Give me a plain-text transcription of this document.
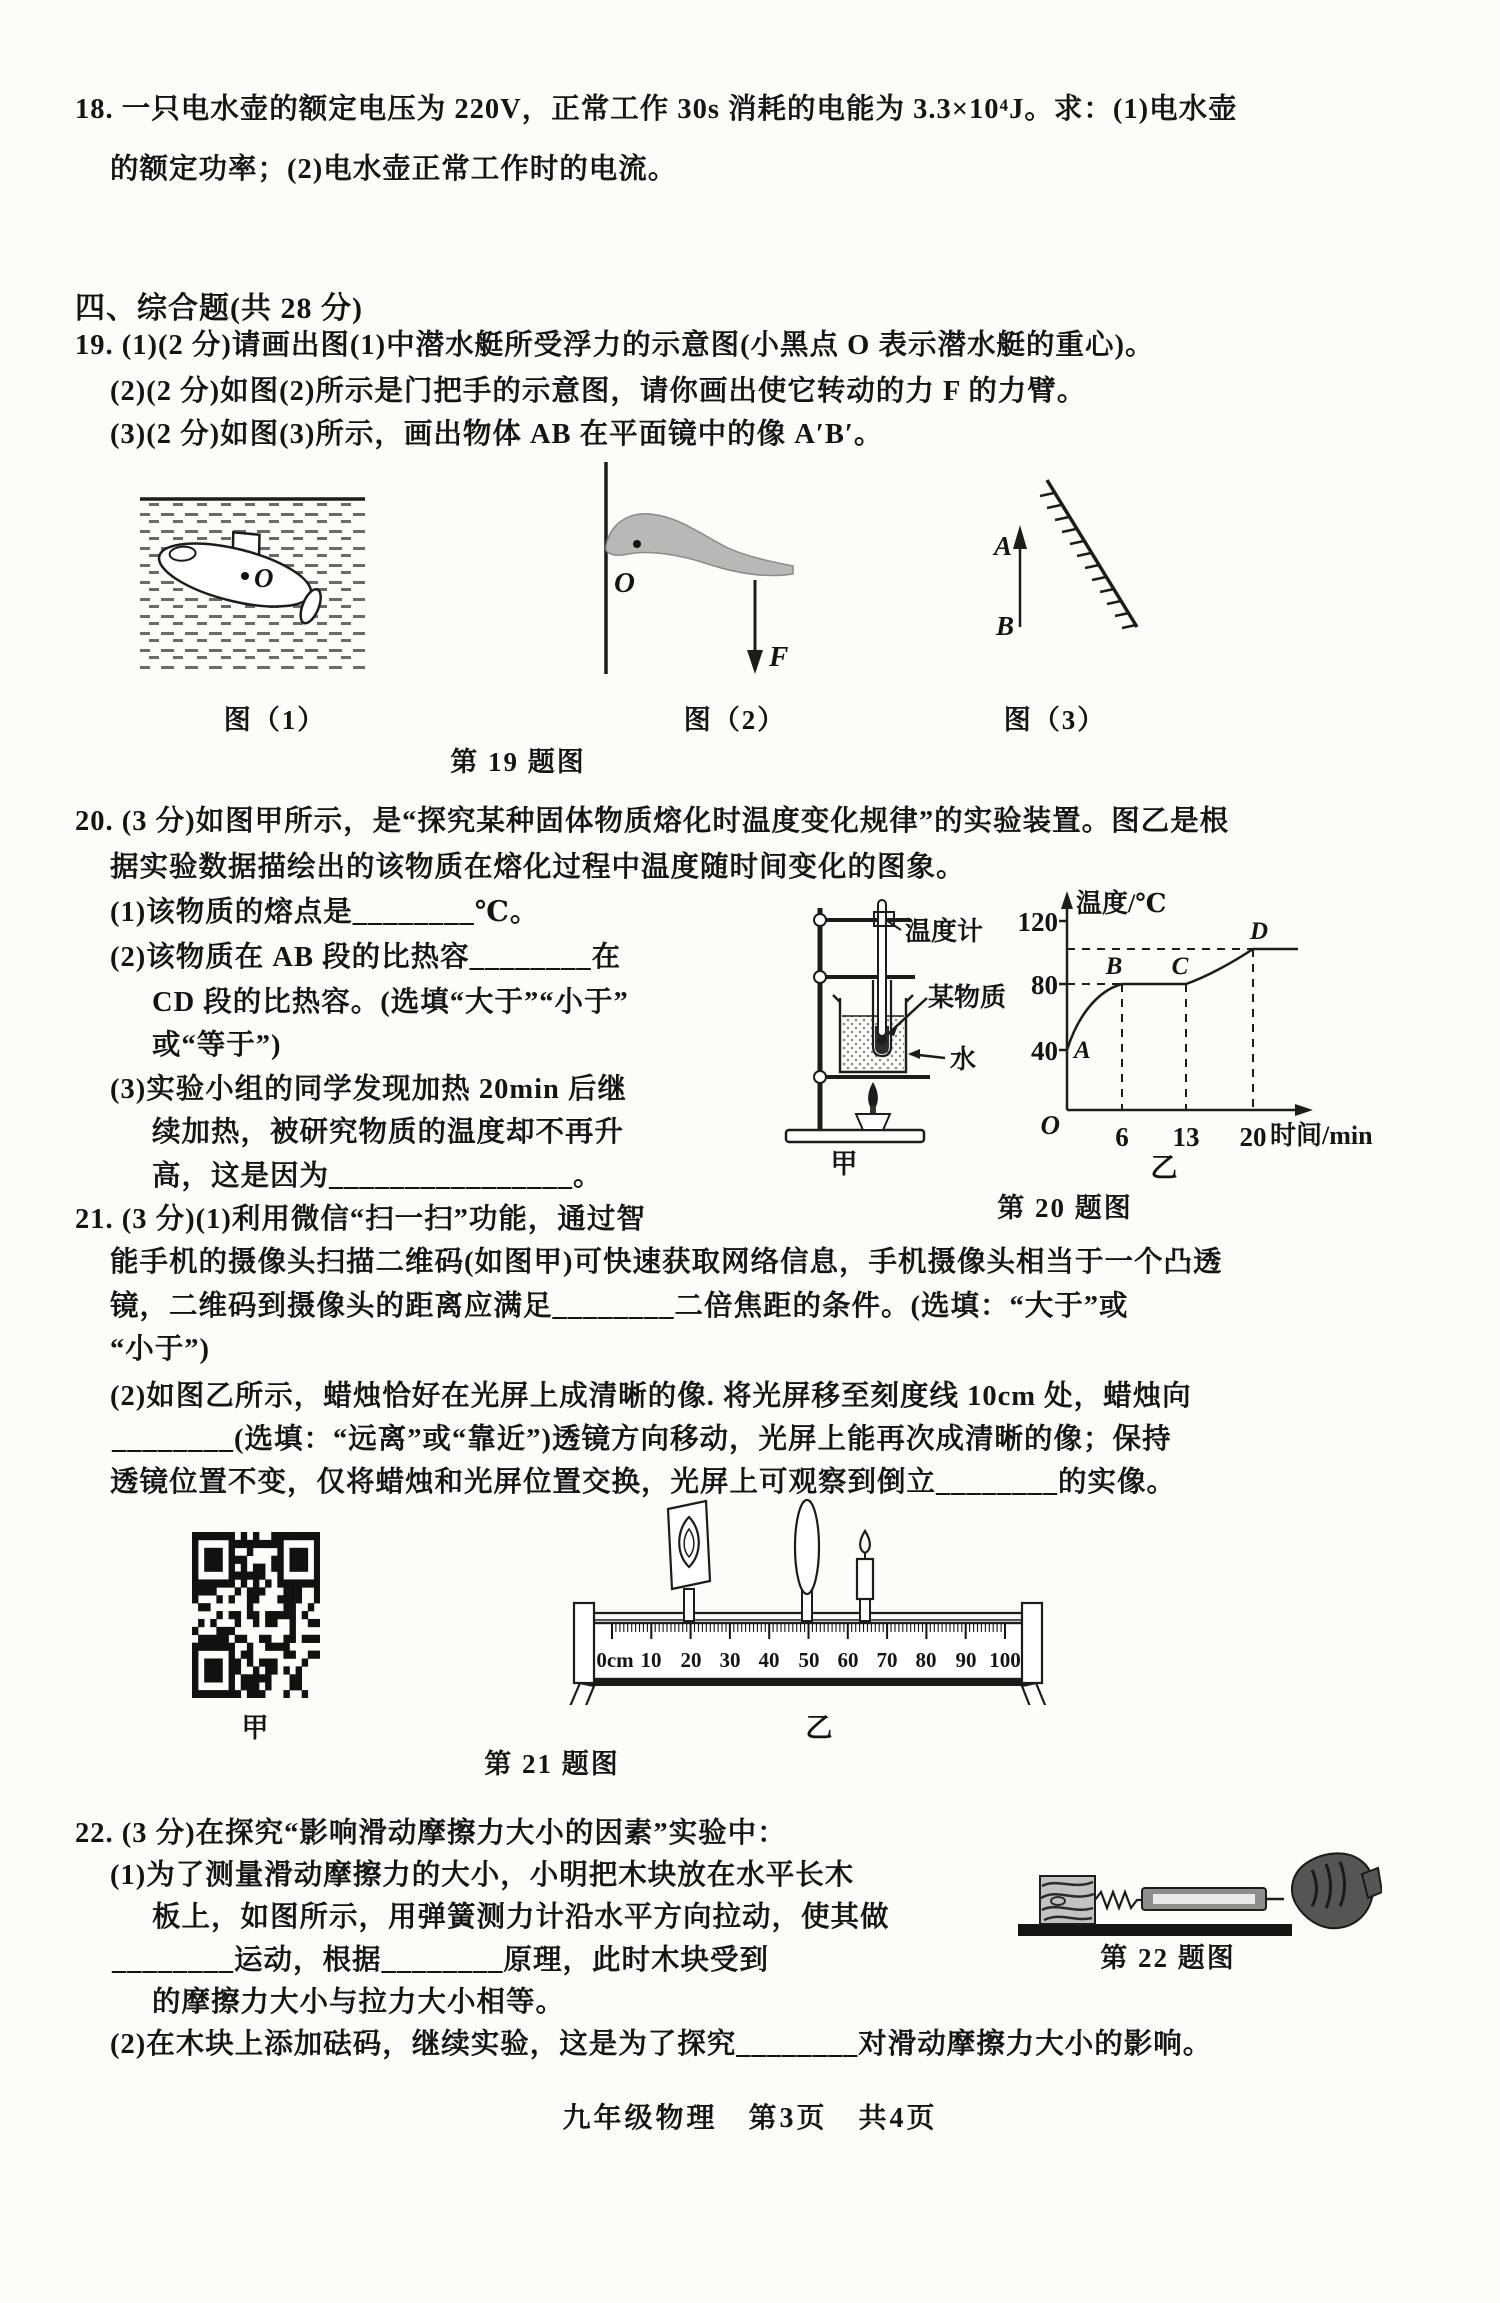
18. 一只电水壶的额定电压为 220V，正常工作 30s 消耗的电能为 3.3×10⁴J。求：(1)电水壶
的额定功率；(2)电水壶正常工作时的电流。
四、综合题(共 28 分)
19. (1)(2 分)请画出图(1)中潜水艇所受浮力的示意图(小黑点 O 表示潜水艇的重心)。
(2)(2 分)如图(2)所示是门把手的示意图，请你画出使它转动的力 F 的力臂。
(3)(2 分)如图(3)所示，画出物体 AB 在平面镜中的像 A′B′。
O	O
F
A
B
图（1）	图（2）	图（3）
第 19 题图
20. (3 分)如图甲所示，是“探究某种固体物质熔化时温度变化规律”的实验装置。图乙是根
据实验数据描绘出的该物质在熔化过程中温度随时间变化的图象。
(1)该物质的熔点是________℃。
(2)该物质在 AB 段的比热容________在
CD 段的比热容。(选填“大于”“小于”
或“等于”)
(3)实验小组的同学发现加热 20min 后继
续加热，被研究物质的温度却不再升
高，这是因为________________。
温度计
某物质
水
温度/℃
120
80
40
O 6 13 20 时间/min
A
B C
D
甲	乙
第 20 题图
21. (3 分)(1)利用微信“扫一扫”功能，通过智
能手机的摄像头扫描二维码(如图甲)可快速获取网络信息，手机摄像头相当于一个凸透
镜，二维码到摄像头的距离应满足________二倍焦距的条件。(选填：“大于”或
“小于”)
(2)如图乙所示，蜡烛恰好在光屏上成清晰的像. 将光屏移至刻度线 10cm 处，蜡烛向
________(选填：“远离”或“靠近”)透镜方向移动，光屏上能再次成清晰的像；保持
透镜位置不变，仅将蜡烛和光屏位置交换，光屏上可观察到倒立________的实像。
0cm 10 20 30 40 50 60 70 80 90 100
甲	乙
第 21 题图
22. (3 分)在探究“影响滑动摩擦力大小的因素”实验中：
(1)为了测量滑动摩擦力的大小，小明把木块放在水平长木
板上，如图所示，用弹簧测力计沿水平方向拉动，使其做
________运动，根据________原理，此时木块受到
的摩擦力大小与拉力大小相等。
(2)在木块上添加砝码，继续实验，这是为了探究________对滑动摩擦力大小的影响。
第 22 题图
九年级物理　第3页　共4页
